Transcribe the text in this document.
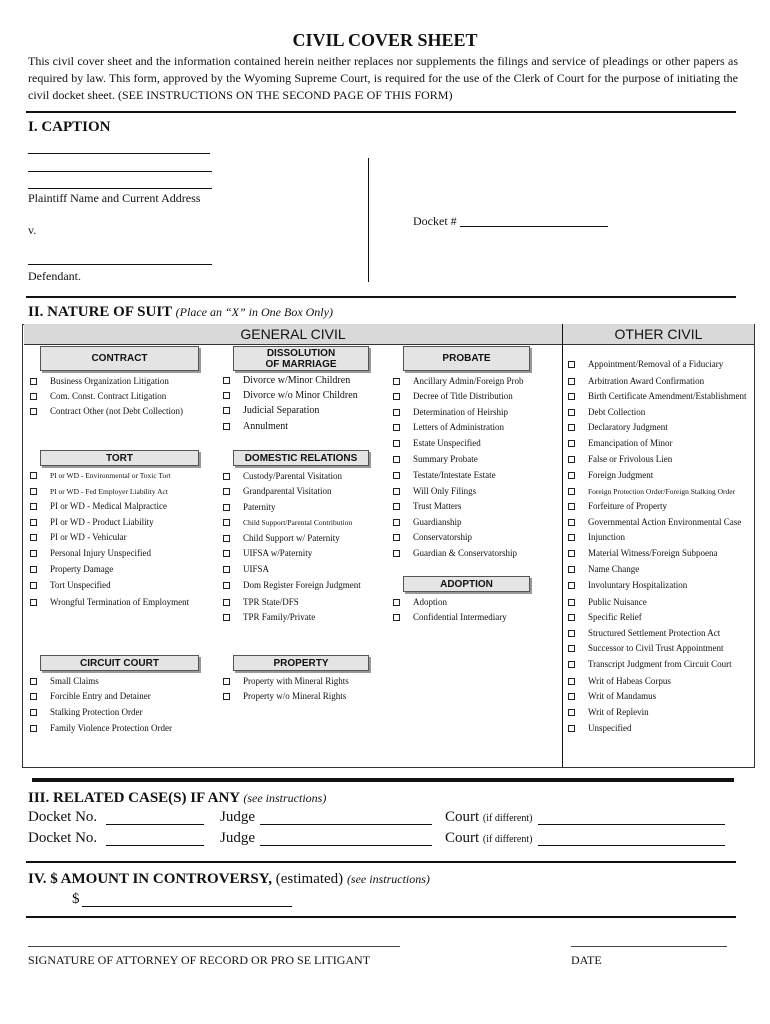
CIVIL COVER SHEET
This civil cover sheet and the information contained herein neither replaces nor supplements the filings and service of pleadings or other papers as required by law. This form, approved by the Wyoming Supreme Court, is required for the use of the Clerk of Court for the purpose of initiating the civil docket sheet. (SEE INSTRUCTIONS ON THE SECOND PAGE OF THIS FORM)
I. CAPTION
Plaintiff Name and Current Address
v.
Defendant.
Docket #
II. NATURE OF SUIT (Place an “X” in One Box Only)
GENERAL CIVIL	OTHER CIVIL
CONTRACT
TORT
CIRCUIT COURT
DISSOLUTION
OF MARRIAGE
DOMESTIC RELATIONS
PROPERTY
PROBATE
ADOPTION
Business Organization Litigation
Com. Const. Contract Litigation
Contract Other (not Debt Collection)
PI or WD - Environmental or Toxic Tort
PI or WD - Fed Employer Liability Act
PI or WD - Medical Malpractice
PI or WD - Product Liability
PI or WD - Vehicular
Personal Injury Unspecified
Property Damage
Tort Unspecified
Wrongful Termination of Employment
Small Claims
Forcible Entry and Detainer
Stalking Protection Order
Family Violence Protection Order
Divorce w/Minor Children
Divorce w/o Minor Children
Judicial Separation
Annulment
Custody/Parental Visitation
Grandparental Visitation
Paternity
Child Support/Parental Contribution
Child Support w/ Paternity
UIFSA w/Paternity
UIFSA
Dom Register Foreign Judgment
TPR State/DFS
TPR Family/Private
Property with Mineral Rights
Property w/o Mineral Rights
Ancillary Admin/Foreign Prob
Decree of Title Distribution
Determination of Heirship
Letters of Administration
Estate Unspecified
Summary Probate
Testate/Intestate Estate
Will Only Filings
Trust Matters
Guardianship
Conservatorship
Guardian & Conservatorship
Adoption
Confidential Intermediary
Appointment/Removal of a Fiduciary
Arbitration Award Confirmation
Birth Certificate Amendment/Establishment
Debt Collection
Declaratory Judgment
Emancipation of Minor
False or Frivolous Lien
Foreign Judgment
Foreign Protection Order/Foreign Stalking Order
Forfeiture of Property
Governmental Action Environmental Case
Injunction
Material Witness/Foreign Subpoena
Name Change
Involuntary Hospitalization
Public Nuisance
Specific Relief
Structured Settlement Protection Act
Successor to Civil Trust Appointment
Transcript Judgment from Circuit Court
Writ of Habeas Corpus
Writ of Mandamus
Writ of Replevin
Unspecified
III. RELATED CASE(S) IF ANY (see instructions)
Docket No.	Judge	Court (if different)
Docket No.	Judge	Court (if different)
IV. $ AMOUNT IN CONTROVERSY, (estimated) (see instructions)
$
SIGNATURE OF ATTORNEY OF RECORD OR PRO SE LITIGANT	DATE
